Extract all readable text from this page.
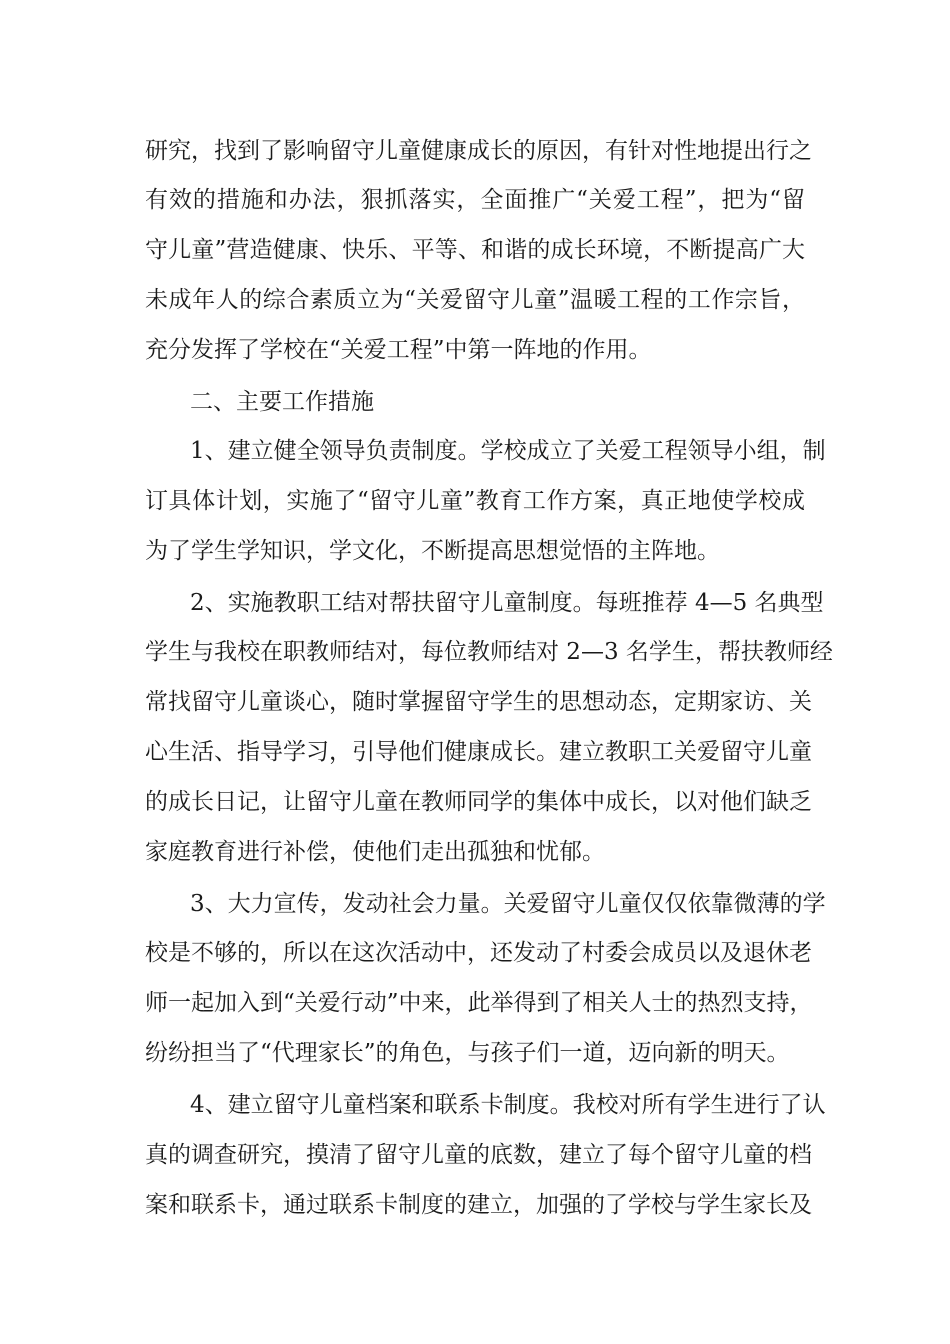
研究，找到了影响留守儿童健康成长的原因，有针对性地提出行之
有效的措施和办法，狠抓落实，全面推广“关爱工程”，把为“留
守儿童”营造健康、快乐、平等、和谐的成长环境，不断提高广大
未成年人的综合素质立为“关爱留守儿童”温暖工程的工作宗旨，
充分发挥了学校在“关爱工程”中第一阵地的作用。
二、主要工作措施
1、建立健全领导负责制度。学校成立了关爱工程领导小组，制
订具体计划，实施了“留守儿童”教育工作方案，真正地使学校成
为了学生学知识，学文化，不断提高思想觉悟的主阵地。
2、实施教职工结对帮扶留守儿童制度。每班推荐 4—5 名典型
学生与我校在职教师结对，每位教师结对 2—3 名学生，帮扶教师经
常找留守儿童谈心，随时掌握留守学生的思想动态，定期家访、关
心生活、指导学习，引导他们健康成长。建立教职工关爱留守儿童
的成长日记，让留守儿童在教师同学的集体中成长，以对他们缺乏
家庭教育进行补偿，使他们走出孤独和忧郁。
3、大力宣传，发动社会力量。关爱留守儿童仅仅依靠微薄的学
校是不够的，所以在这次活动中，还发动了村委会成员以及退休老
师一起加入到“关爱行动”中来，此举得到了相关人士的热烈支持，
纷纷担当了“代理家长”的角色，与孩子们一道，迈向新的明天。
4、建立留守儿童档案和联系卡制度。我校对所有学生进行了认
真的调查研究，摸清了留守儿童的底数，建立了每个留守儿童的档
案和联系卡，通过联系卡制度的建立，加强的了学校与学生家长及
